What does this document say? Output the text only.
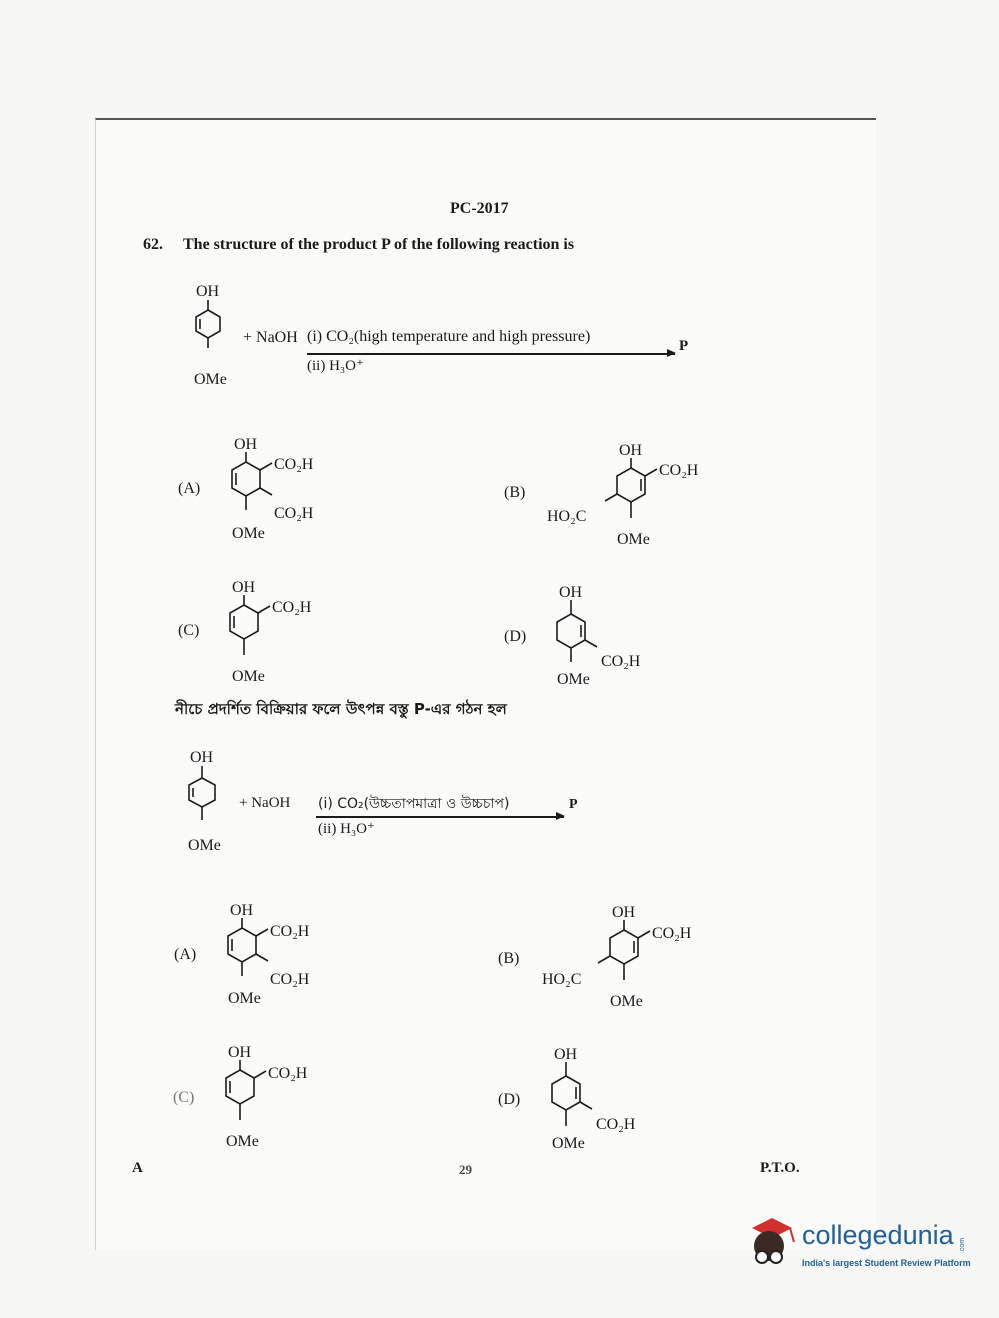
PC-2017
62. The structure of the product P of the following reaction is
OH
OMe
+ NaOH (i) CO₂(high temperature and high pressure)
(ii) H₃O⁺
P
(A)
OH
CO₂H
CO₂H
OMe
(B)
OH
CO₂H
HO₂C
OMe
(C)
OH
CO₂H
OMe
(D)
OH
CO₂H
OMe
নীচে প্রদর্শিত বিক্রিয়ার ফলে উৎপন্ন বস্তু P-এর গঠন হল
OH
OMe
+ NaOH (i) CO₂(উচ্চতাপমাত্রা ও উচ্চচাপ)
(ii) H₃O⁺
P
(A)
OH
CO₂H
CO₂H
OMe
(B)
OH
CO₂H
HO₂C
OMe
(C)
OH
CO₂H
OMe
(D)
OH
CO₂H
OMe
A	29	P.T.O.
collegedunia .com
India's largest Student Review Platform
